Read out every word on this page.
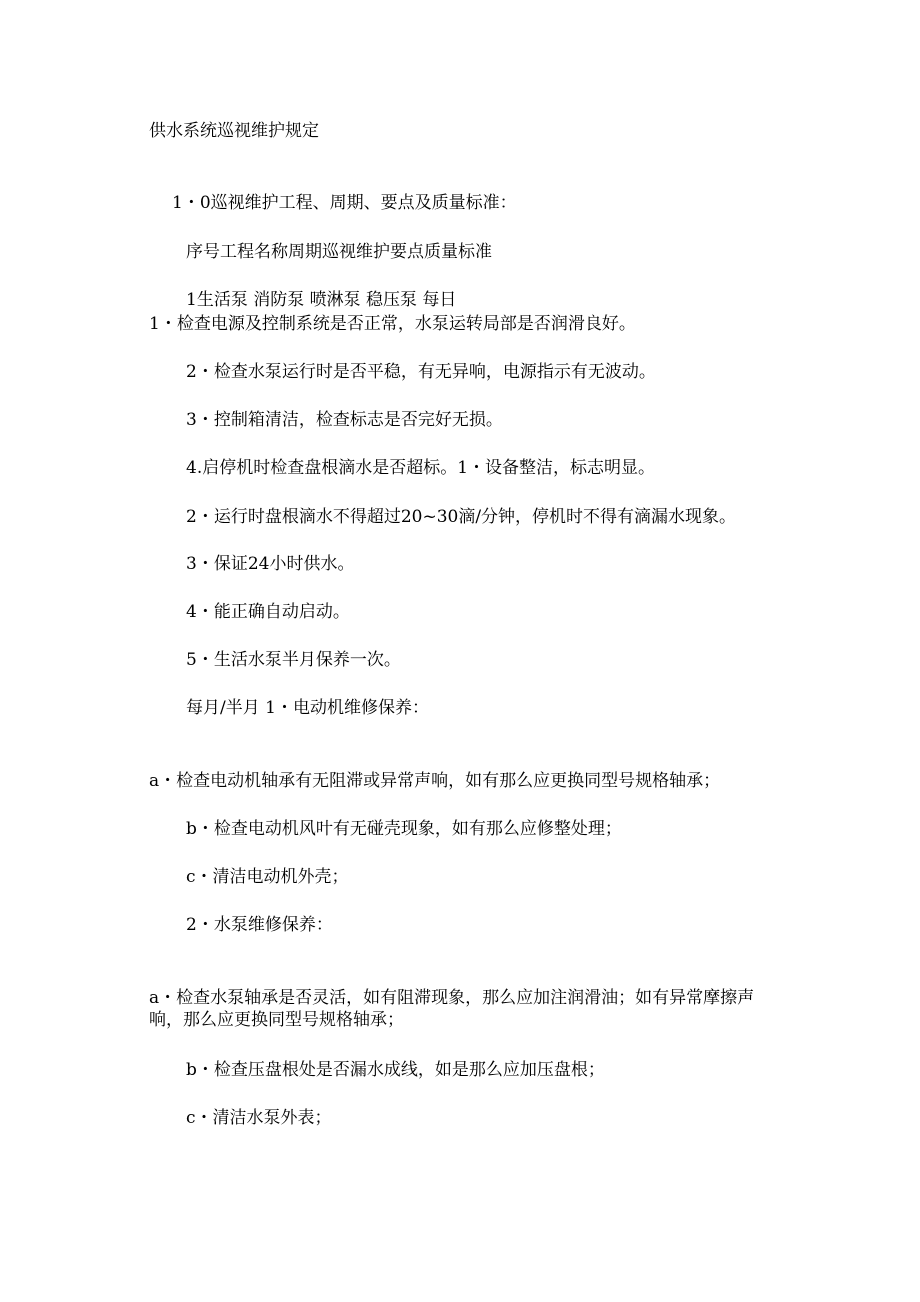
供水系统巡视维护规定

1・0巡视维护工程、周期、要点及质量标准：

序号工程名称周期巡视维护要点质量标准

1生活泵 消防泵 喷淋泵 稳压泵 每日

1・检查电源及控制系统是否正常，水泵运转局部是否润滑良好。

2・检查水泵运行时是否平稳，有无异响，电源指示有无波动。

3・控制箱清洁，检查标志是否完好无损。

4.启停机时检查盘根滴水是否超标。1・设备整洁，标志明显。

2・运行时盘根滴水不得超过20~30滴/分钟，停机时不得有滴漏水现象。

3・保证24小时供水。

4・能正确自动启动。

5・生活水泵半月保养一次。

每月/半月 1・电动机维修保养：

a・检查电动机轴承有无阻滞或异常声响，如有那么应更换同型号规格轴承；

b・检查电动机风叶有无碰壳现象，如有那么应修整处理；

c・清洁电动机外壳；

2・水泵维修保养：

a・检查水泵轴承是否灵活，如有阻滞现象，那么应加注润滑油；如有异常摩擦声响，那么应更换同型号规格轴承；

b・检查压盘根处是否漏水成线，如是那么应加压盘根；

c・清洁水泵外表；
